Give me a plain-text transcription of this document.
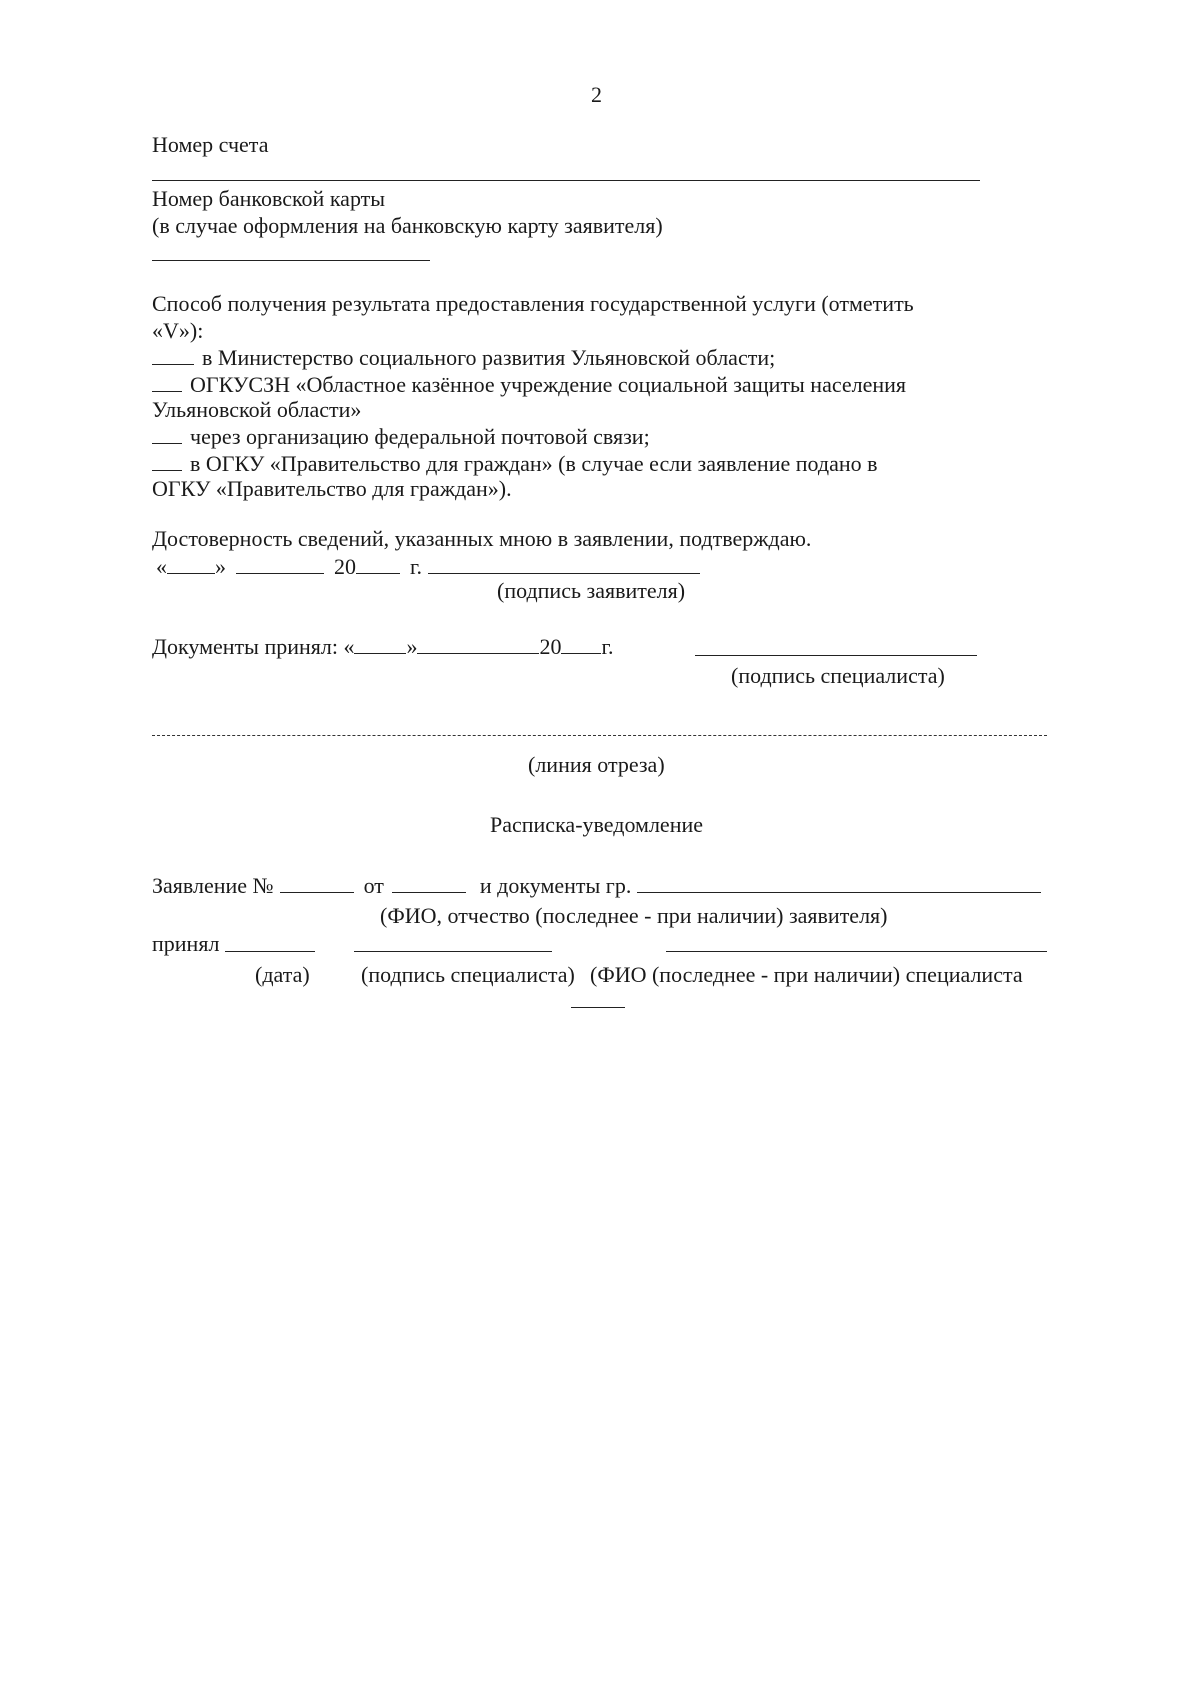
2
Номер счета
Номер банковской карты
(в случае оформления на банковскую карту заявителя)
Способ получения результата предоставления государственной услуги (отметить
«V»):
в Министерство социального развития Ульяновской области;
ОГКУСЗН «Областное казённое учреждение социальной защиты населения
Ульяновской области»
через организацию федеральной почтовой связи;
в ОГКУ «Правительство для граждан» (в случае если заявление подано в
ОГКУ «Правительство для граждан»).
Достоверность сведений, указанных мною в заявлении, подтверждаю.
« »	20 г.
(подпись заявителя)
Документы принял: « »	20 г.
(подпись специалиста)
(линия отреза)
Расписка-уведомление
Заявление №	от	и документы гр.
(ФИО, отчество (последнее - при наличии) заявителя)
принял
(дата) (подпись специалиста) (ФИО (последнее - при наличии) специалиста
